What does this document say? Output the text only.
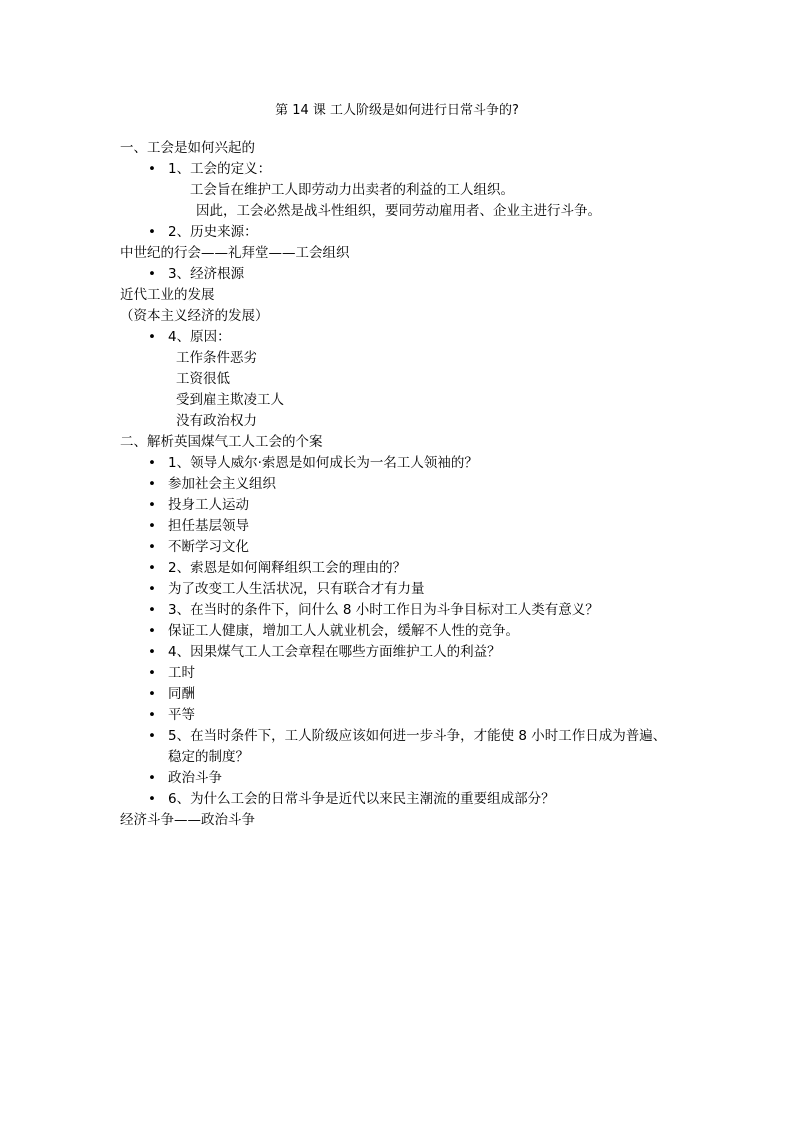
第 14 课 工人阶级是如何进行日常斗争的?
一、工会是如何兴起的
• 1、工会的定义：
工会旨在维护工人即劳动力出卖者的利益的工人组织。
因此，工会必然是战斗性组织，要同劳动雇用者、企业主进行斗争。
• 2、历史来源：
中世纪的行会——礼拜堂——工会组织
• 3、经济根源
近代工业的发展
（资本主义经济的发展）
• 4、原因：
工作条件恶劣
工资很低
受到雇主欺凌工人
没有政治权力
二、解析英国煤气工人工会的个案
• 1、领导人威尔·索恩是如何成长为一名工人领袖的？
• 参加社会主义组织
• 投身工人运动
• 担任基层领导
• 不断学习文化
• 2、索恩是如何阐释组织工会的理由的？
• 为了改变工人生活状况，只有联合才有力量
• 3、在当时的条件下，问什么 8 小时工作日为斗争目标对工人类有意义？
• 保证工人健康，增加工人人就业机会，缓解不人性的竞争。
• 4、因果煤气工人工会章程在哪些方面维护工人的利益？
• 工时
• 同酬
• 平等
• 5、在当时条件下，工人阶级应该如何进一步斗争，才能使 8 小时工作日成为普遍、
稳定的制度？
• 政治斗争
• 6、为什么工会的日常斗争是近代以来民主潮流的重要组成部分？
经济斗争——政治斗争
